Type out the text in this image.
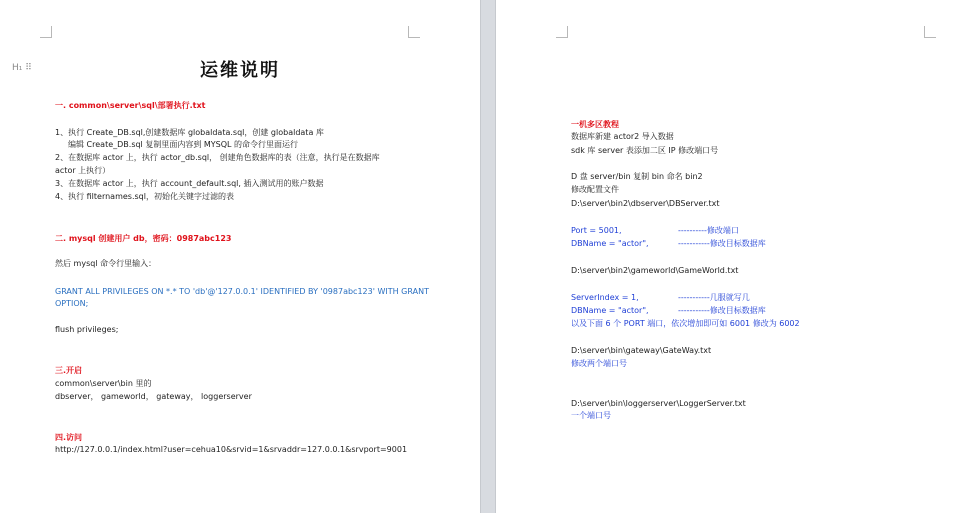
H₁ ⠿	运维说明
一. common\server\sql\部署执行.txt
1、执行 Create_DB.sql,创建数据库 globaldata.sql，创建 globaldata 库
编辑 Create_DB.sql 复制里面内容到 MYSQL 的命令行里面运行
2、在数据库 actor 上，执行 actor_db.sql， 创建角色数据库的表（注意，执行是在数据库
actor 上执行）
3、在数据库 actor 上，执行 account_default.sql, 插入测试用的账户数据
4、执行 filternames.sql，初始化关键字过滤的表
二. mysql 创建用户 db，密码：0987abc123
然后 mysql 命令行里输入：
GRANT ALL PRIVILEGES ON *.* TO 'db'@'127.0.0.1' IDENTIFIED BY '0987abc123' WITH GRANT
OPTION;
flush privileges;
三.开启
common\server\bin 里的
dbserver， gameworld， gateway， loggerserver
四.访问
http://127.0.0.1/index.html?user=cehua10&srvid=1&srvaddr=127.0.0.1&srvport=9001
一机多区教程
数据库新建 actor2 导入数据
sdk 库 server 表添加二区 IP 修改端口号
D 盘 server/bin 复制 bin 命名 bin2
修改配置文件
D:\server\bin2\dbserver\DBServer.txt
Port = 5001,	----------修改端口
DBName = "actor",	-----------修改目标数据库
D:\server\bin2\gameworld\GameWorld.txt
ServerIndex = 1,	-----------几服就写几
DBName = "actor",	-----------修改目标数据库
以及下面 6 个 PORT 端口，依次增加即可如 6001 修改为 6002
D:\server\bin\gateway\GateWay.txt
修改两个端口号
D:\server\bin\loggerserver\LoggerServer.txt
一个端口号
